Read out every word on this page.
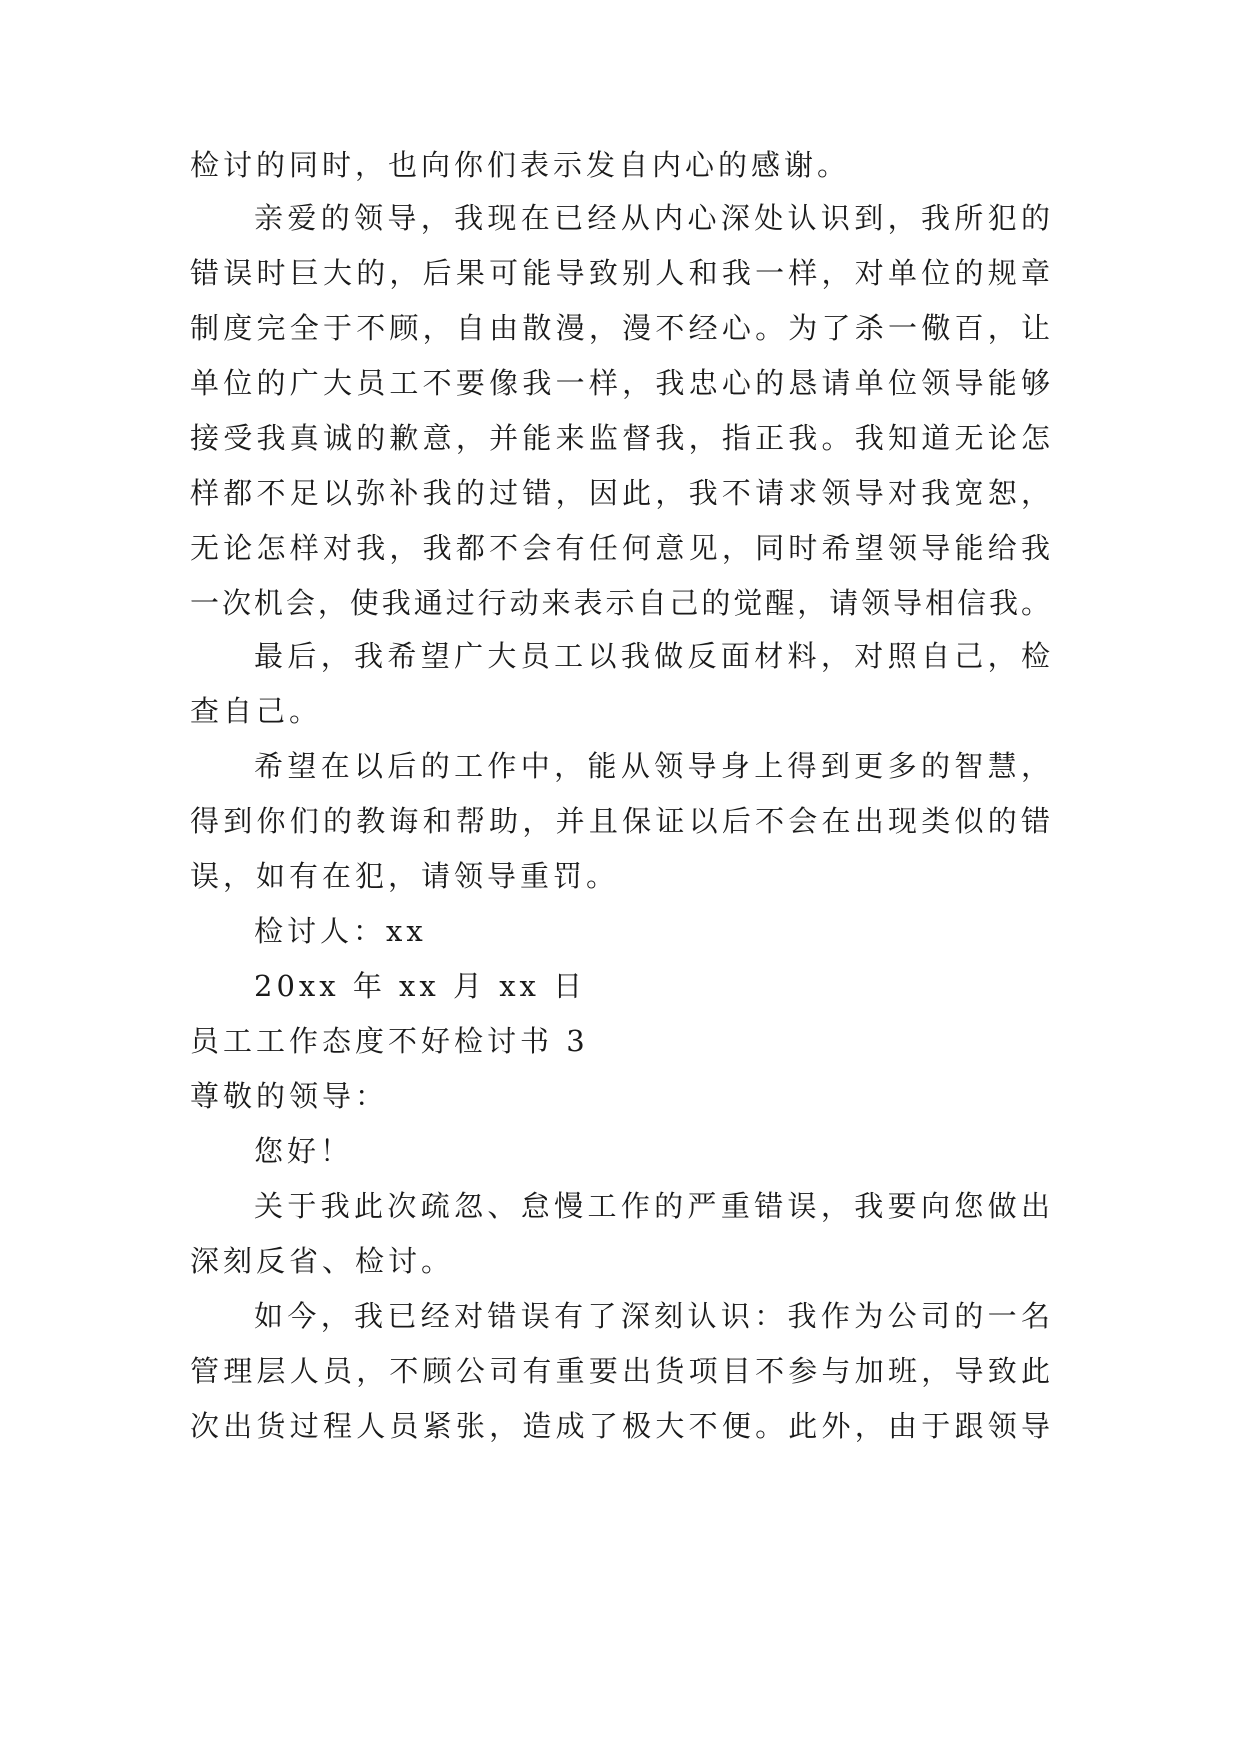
检讨的同时，也向你们表示发自内心的感谢。
亲爱的领导，我现在已经从内心深处认识到，我所犯的
错误时巨大的，后果可能导致别人和我一样，对单位的规章
制度完全于不顾，自由散漫，漫不经心。为了杀一儆百，让
单位的广大员工不要像我一样，我忠心的恳请单位领导能够
接受我真诚的歉意，并能来监督我，指正我。我知道无论怎
样都不足以弥补我的过错，因此，我不请求领导对我宽恕，
无论怎样对我，我都不会有任何意见，同时希望领导能给我
一次机会，使我通过行动来表示自己的觉醒，请领导相信我。
最后，我希望广大员工以我做反面材料，对照自己，检
查自己。
希望在以后的工作中，能从领导身上得到更多的智慧，
得到你们的教诲和帮助，并且保证以后不会在出现类似的错
误，如有在犯，请领导重罚。
检讨人：xx
20xx 年 xx 月 xx 日
员工工作态度不好检讨书 3
尊敬的领导：
您好！
关于我此次疏忽、怠慢工作的严重错误，我要向您做出
深刻反省、检讨。
如今，我已经对错误有了深刻认识：我作为公司的一名
管理层人员，不顾公司有重要出货项目不参与加班，导致此
次出货过程人员紧张，造成了极大不便。此外，由于跟领导
